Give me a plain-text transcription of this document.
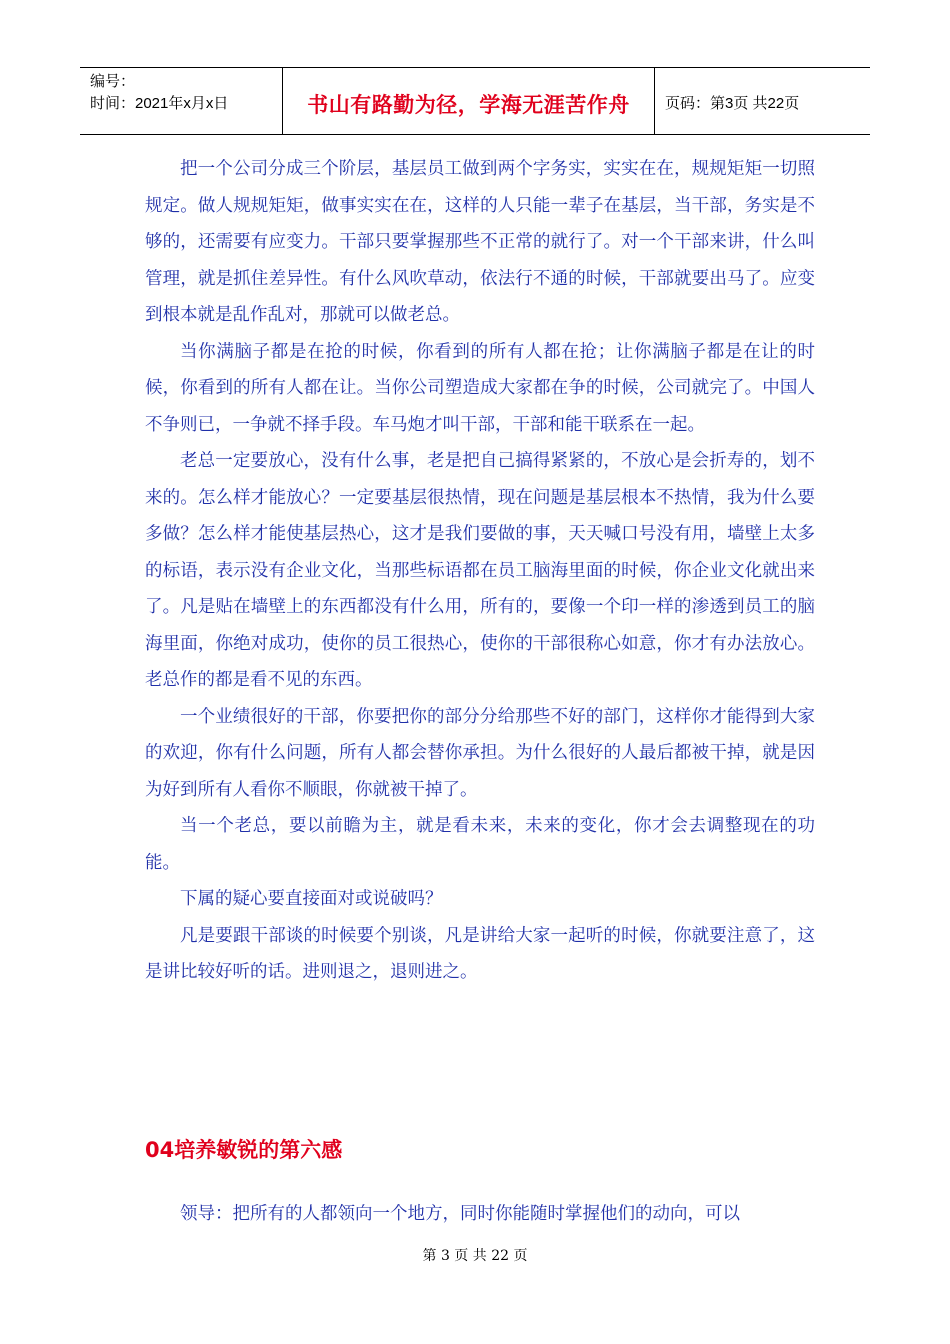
编号：
时间：2021年x月x日	书山有路勤为径，学海无涯苦作舟	页码：第3页 共22页

把一个公司分成三个阶层，基层员工做到两个字务实，实实在在，规规矩矩一切照规定。做人规规矩矩，做事实实在在，这样的人只能一辈子在基层，当干部，务实是不够的，还需要有应变力。干部只要掌握那些不正常的就行了。对一个干部来讲，什么叫管理，就是抓住差异性。有什么风吹草动，依法行不通的时候，干部就要出马了。应变到根本就是乱作乱对，那就可以做老总。

当你满脑子都是在抢的时候，你看到的所有人都在抢；让你满脑子都是在让的时候，你看到的所有人都在让。当你公司塑造成大家都在争的时候，公司就完了。中国人不争则已，一争就不择手段。车马炮才叫干部，干部和能干联系在一起。

老总一定要放心，没有什么事，老是把自己搞得紧紧的，不放心是会折寿的，划不来的。怎么样才能放心？一定要基层很热情，现在问题是基层根本不热情，我为什么要多做？怎么样才能使基层热心，这才是我们要做的事，天天喊口号没有用，墙壁上太多的标语，表示没有企业文化，当那些标语都在员工脑海里面的时候，你企业文化就出来了。凡是贴在墙壁上的东西都没有什么用，所有的，要像一个印一样的渗透到员工的脑海里面，你绝对成功，使你的员工很热心，使你的干部很称心如意，你才有办法放心。老总作的都是看不见的东西。

一个业绩很好的干部，你要把你的部分分给那些不好的部门，这样你才能得到大家的欢迎，你有什么问题，所有人都会替你承担。为什么很好的人最后都被干掉，就是因为好到所有人看你不顺眼，你就被干掉了。

当一个老总，要以前瞻为主，就是看未来，未来的变化，你才会去调整现在的功能。

下属的疑心要直接面对或说破吗？

凡是要跟干部谈的时候要个别谈，凡是讲给大家一起听的时候，你就要注意了，这是讲比较好听的话。进则退之，退则进之。

04培养敏锐的第六感

领导：把所有的人都领向一个地方，同时你能随时掌握他们的动向，可以

第 3 页 共 22 页
